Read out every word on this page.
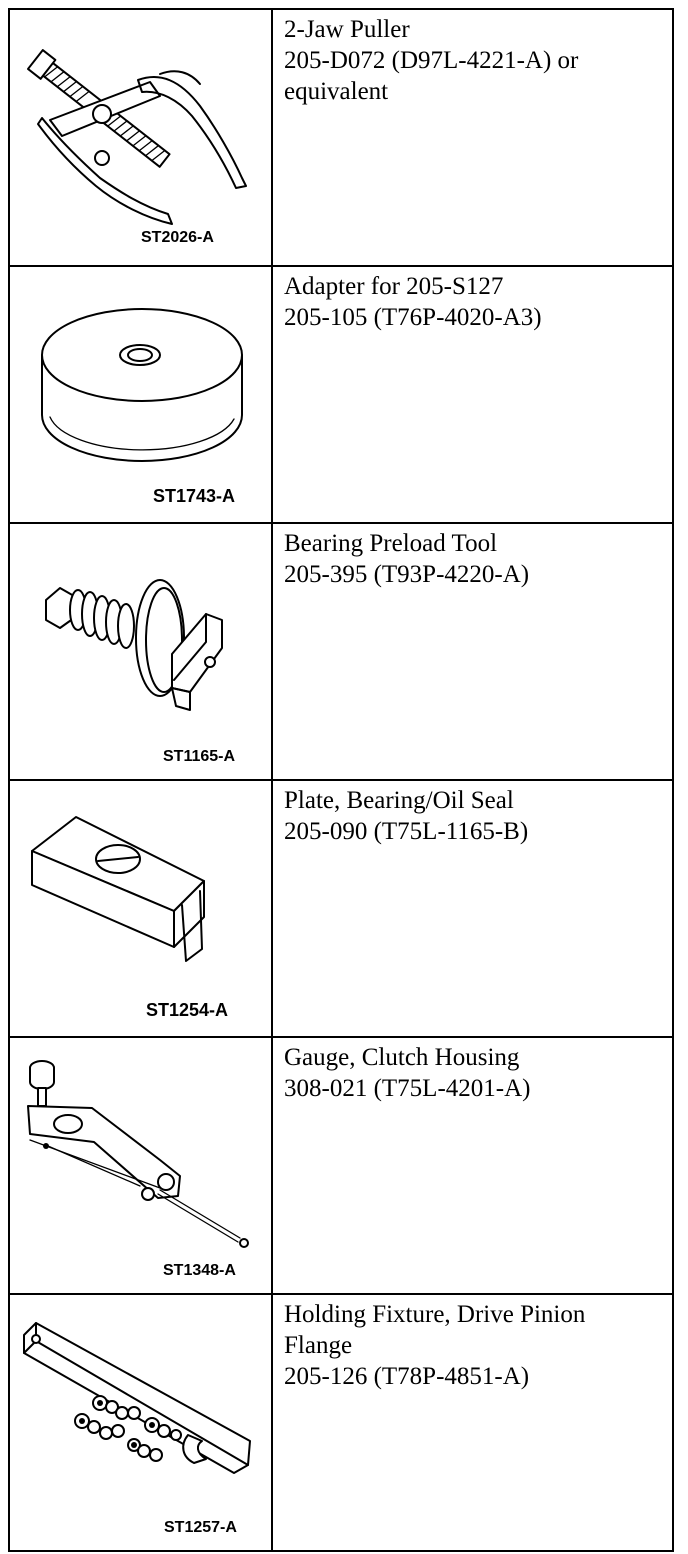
ST2026-A	2-Jaw Puller
205-D072 (D97L-4221-A) or
equivalent

ST1743-A	Adapter for 205-S127
205-105 (T76P-4020-A3)

ST1165-A	Bearing Preload Tool
205-395 (T93P-4220-A)

ST1254-A	Plate, Bearing/Oil Seal
205-090 (T75L-1165-B)

ST1348-A	Gauge, Clutch Housing
308-021 (T75L-4201-A)

ST1257-A	Holding Fixture, Drive Pinion
Flange
205-126 (T78P-4851-A)
